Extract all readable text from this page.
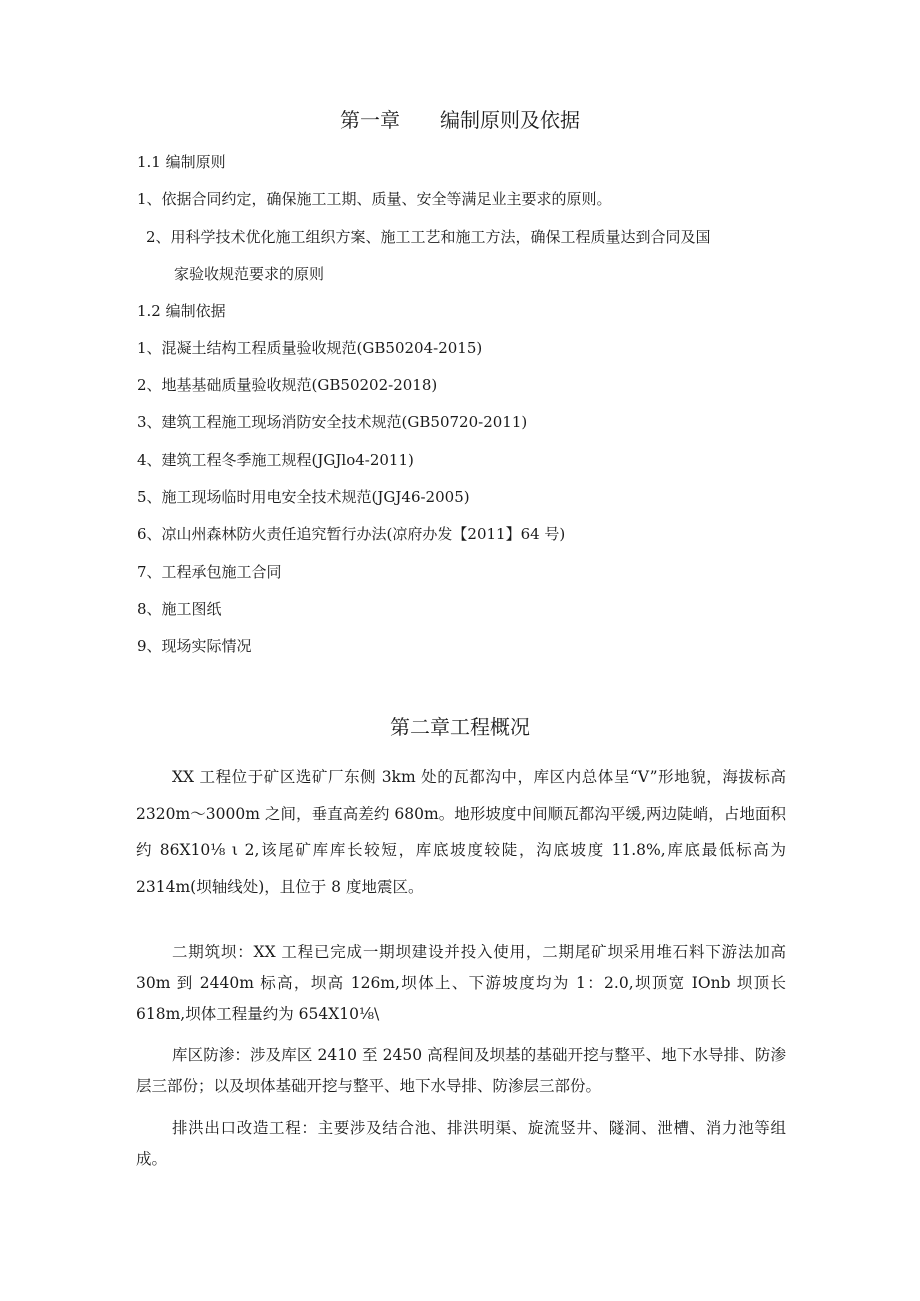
第一章　　编制原则及依据
1.1 编制原则
1、依据合同约定，确保施工工期、质量、安全等满足业主要求的原则。
2、用科学技术优化施工组织方案、施工工艺和施工方法，确保工程质量达到合同及国
家验收规范要求的原则
1.2 编制依据
1、混凝土结构工程质量验收规范(GB50204-2015)
2、地基基础质量验收规范(GB50202-2018)
3、建筑工程施工现场消防安全技术规范(GB50720-2011)
4、建筑工程冬季施工规程(JGJlo4-2011)
5、施工现场临时用电安全技术规范(JGJ46-2005)
6、凉山州森林防火责任追究暂行办法(凉府办发【2011】64 号)
7、工程承包施工合同
8、施工图纸
9、现场实际情况
第二章工程概况
XX 工程位于矿区选矿厂东侧 3km 处的瓦都沟中，库区内总体呈“V”形地貌，海拔标高 2320m～3000m 之间，垂直高差约 680m。地形坡度中间顺瓦都沟平缓,两边陡峭，占地面积约 86X10⅛ ι 2,该尾矿库库长较短，库底坡度较陡，沟底坡度 11.8%,库底最低标高为 2314m(坝轴线处)，且位于 8 度地震区。
二期筑坝：XX 工程已完成一期坝建设并投入使用，二期尾矿坝采用堆石料下游法加高 30m 到 2440m 标高，坝高 126m,坝体上、下游坡度均为 1：2.0,坝顶宽 IOnb 坝顶长 618m,坝体工程量约为 654X10⅛\
库区防渗：涉及库区 2410 至 2450 高程间及坝基的基础开挖与整平、地下水导排、防渗层三部份；以及坝体基础开挖与整平、地下水导排、防渗层三部份。
排洪出口改造工程：主要涉及结合池、排洪明渠、旋流竖井、隧洞、泄槽、消力池等组成。
